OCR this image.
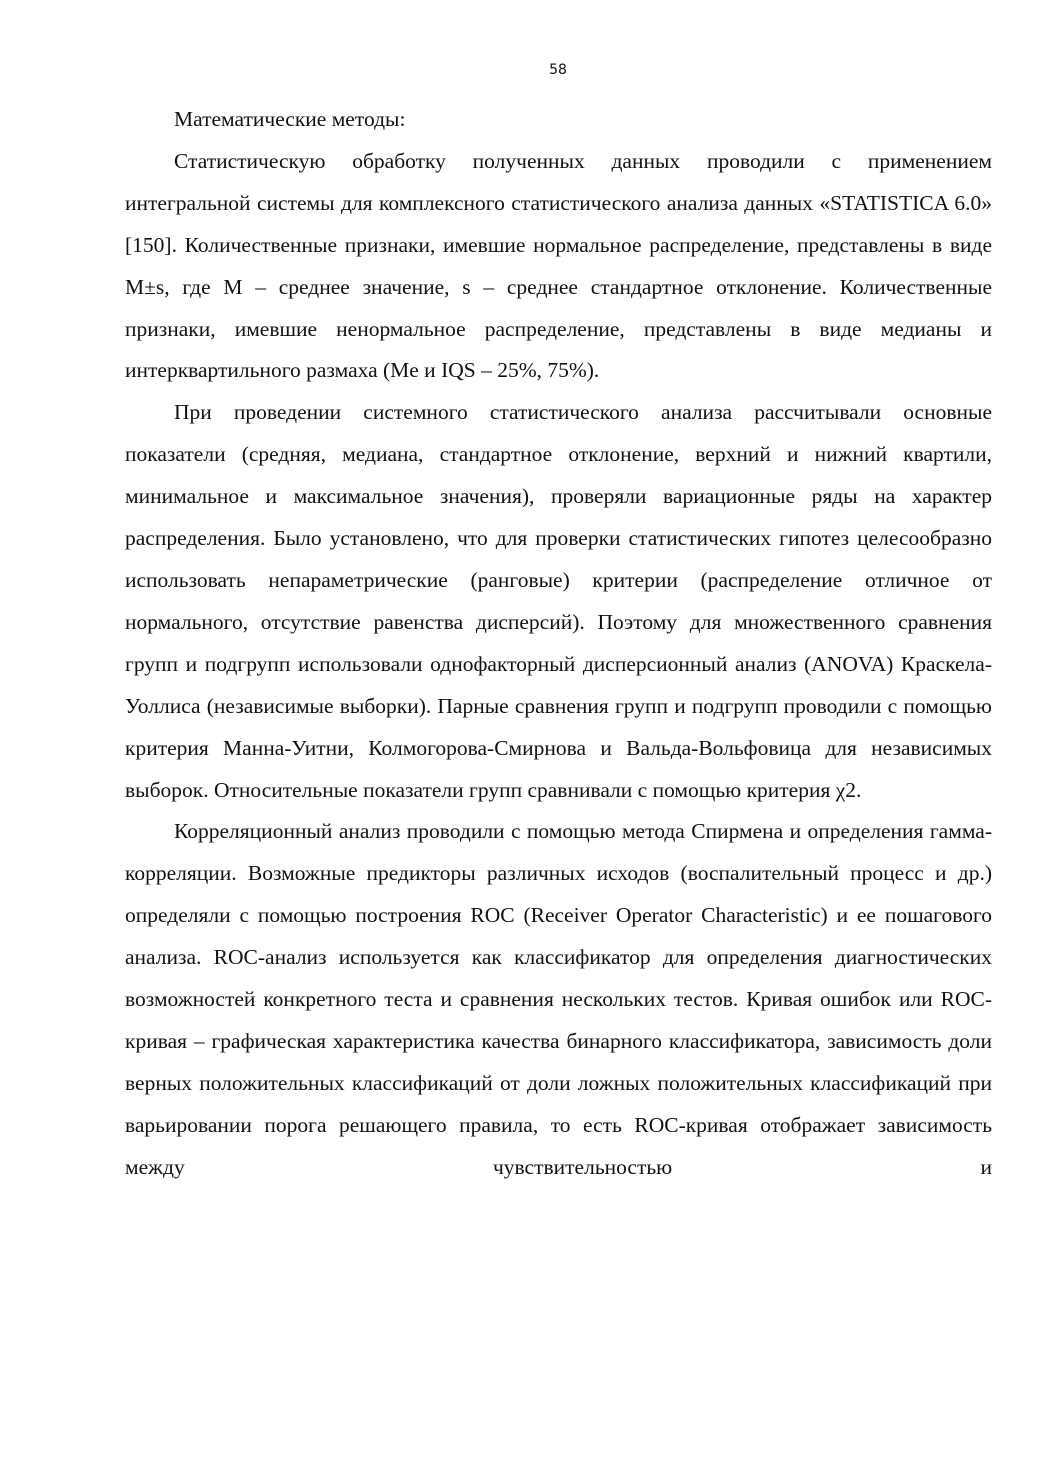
58

Математические методы:

Статистическую обработку полученных данных проводили с применением интегральной системы для комплексного статистического анализа данных «STATISTICA 6.0» [150]. Количественные признаки, имевшие нормальное распределение, представлены в виде M±s, где M – среднее значение, s – среднее стандартное отклонение. Количественные признаки, имевшие ненормальное распределение, представлены в виде медианы и интерквартильного размаха (Me и IQS – 25%, 75%).

При проведении системного статистического анализа рассчитывали основные показатели (средняя, медиана, стандартное отклонение, верхний и нижний квартили, минимальное и максимальное значения), проверяли вариационные ряды на характер распределения. Было установлено, что для проверки статистических гипотез целесообразно использовать непараметрические (ранговые) критерии (распределение отличное от нормального, отсутствие равенства дисперсий). Поэтому для множественного сравнения групп и подгрупп использовали однофакторный дисперсионный анализ (ANOVA) Краскела-Уоллиса (независимые выборки). Парные сравнения групп и подгрупп проводили с помощью критерия Манна-Уитни, Колмогорова-Смирнова и Вальда-Вольфовица для независимых выборок. Относительные показатели групп сравнивали с помощью критерия χ2.

Корреляционный анализ проводили с помощью метода Спирмена и определения гамма-корреляции. Возможные предикторы различных исходов (воспалительный процесс и др.) определяли с помощью построения ROC (Receiver Operator Characteristic) и ее пошагового анализа. ROC-анализ используется как классификатор для определения диагностических возможностей конкретного теста и сравнения нескольких тестов. Кривая ошибок или ROC-кривая – графическая характеристика качества бинарного классификатора, зависимость доли верных положительных классификаций от доли ложных положительных классификаций при варьировании порога решающего правила, то есть ROC-кривая отображает зависимость между чувствительностью и
